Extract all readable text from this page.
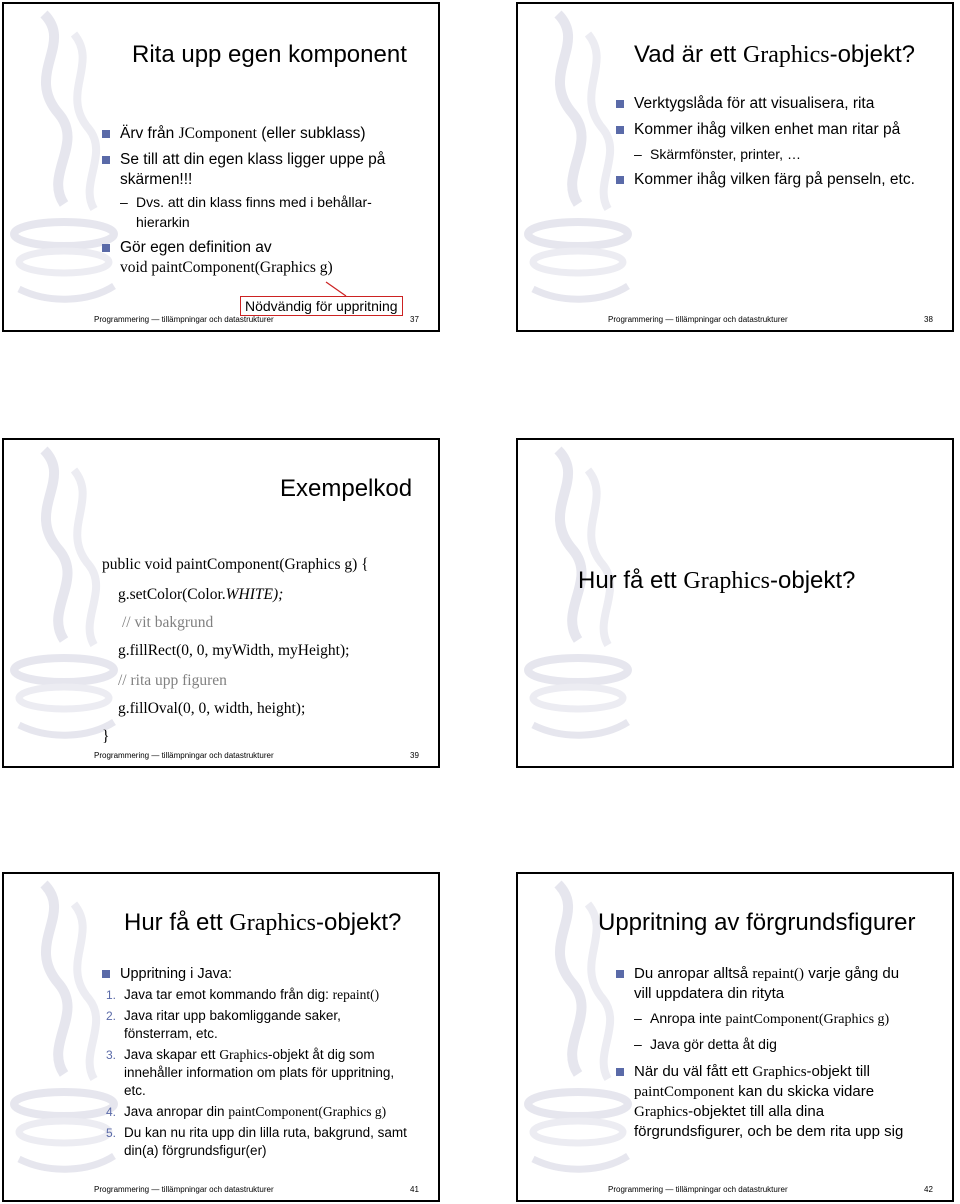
Rita upp egen komponent
Ärv från JComponent (eller subklass)
Se till att din egen klass ligger uppe på skärmen!!!
– Dvs. att din klass finns med i behållar-hierarkin
Gör egen definition av
void paintComponent(Graphics g)
Nödvändig för uppritning
Programmering — tillämpningar och datastrukturer	37
Vad är ett Graphics-objekt?
Verktygslåda för att visualisera, rita
Kommer ihåg vilken enhet man ritar på
– Skärmfönster, printer, …
Kommer ihåg vilken färg på penseln, etc.
Programmering — tillämpningar och datastrukturer	38
Exempelkod
public void paintComponent(Graphics g) {
g.setColor(Color.WHITE);
// vit bakgrund
g.fillRect(0, 0, myWidth, myHeight);
// rita upp figuren
g.fillOval(0, 0, width, height);
}
Programmering — tillämpningar och datastrukturer	39
Hur få ett Graphics-objekt?
Hur få ett Graphics-objekt?
Uppritning i Java:
1. Java tar emot kommando från dig: repaint()
2. Java ritar upp bakomliggande saker, fönsterram, etc.
3. Java skapar ett Graphics-objekt åt dig som innehåller information om plats för uppritning, etc.
4. Java anropar din paintComponent(Graphics g)
5. Du kan nu rita upp din lilla ruta, bakgrund, samt din(a) förgrundsfigur(er)
Programmering — tillämpningar och datastrukturer	41
Uppritning av förgrundsfigurer
Du anropar alltså repaint() varje gång du vill uppdatera din rityta
– Anropa inte paintComponent(Graphics g)
– Java gör detta åt dig
När du väl fått ett Graphics-objekt till paintComponent kan du skicka vidare Graphics-objektet till alla dina förgrundsfigurer, och be dem rita upp sig
Programmering — tillämpningar och datastrukturer	42
